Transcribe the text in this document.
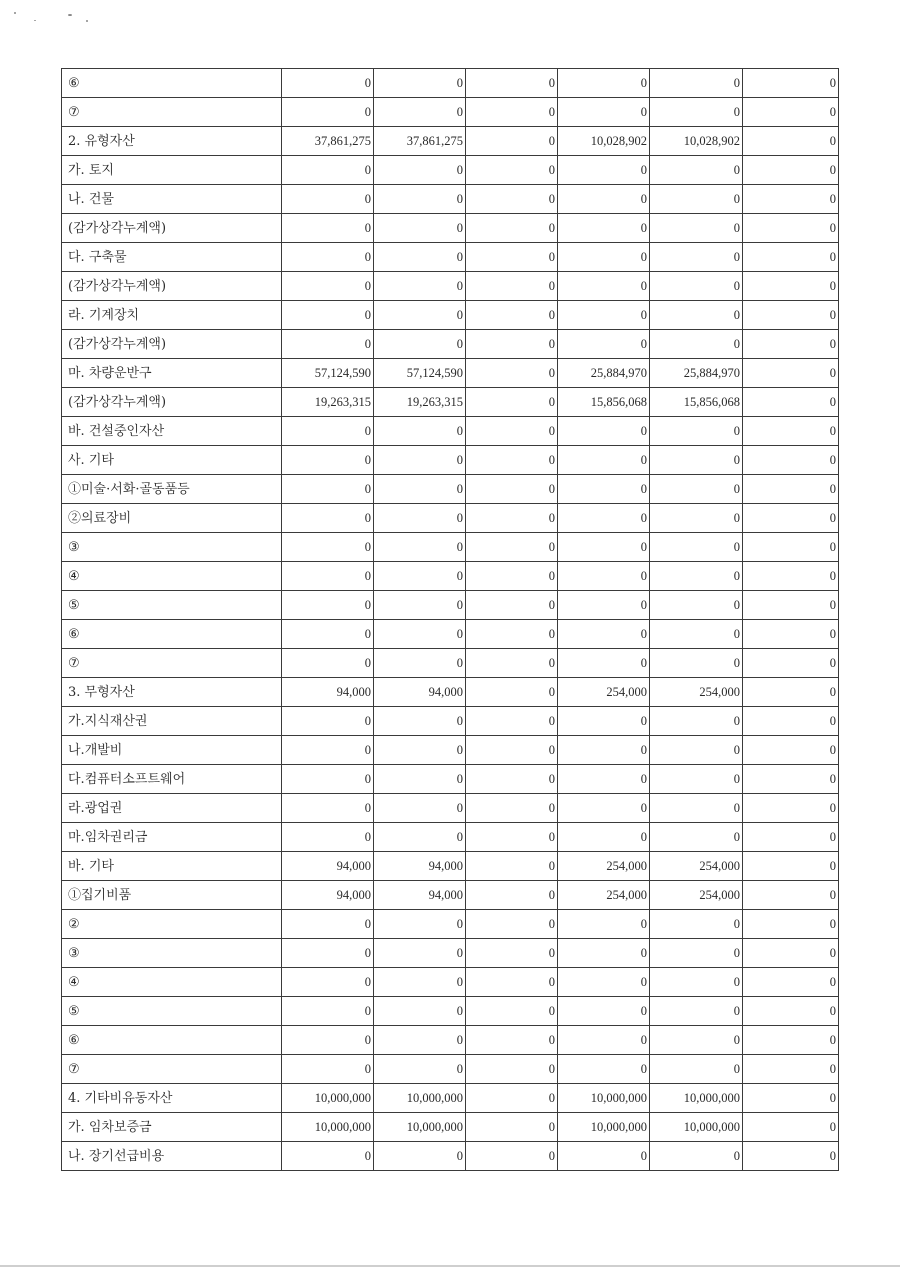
⑥	0	0	0	0	0	0
⑦	0	0	0	0	0	0
2. 유형자산	37,861,275	37,861,275	0	10,028,902	10,028,902	0
가. 토지	0	0	0	0	0	0
나. 건물	0	0	0	0	0	0
(감가상각누계액)	0	0	0	0	0	0
다. 구축물	0	0	0	0	0	0
(감가상각누계액)	0	0	0	0	0	0
라. 기계장치	0	0	0	0	0	0
(감가상각누계액)	0	0	0	0	0	0
마. 차량운반구	57,124,590	57,124,590	0	25,884,970	25,884,970	0
(감가상각누계액)	19,263,315	19,263,315	0	15,856,068	15,856,068	0
바. 건설중인자산	0	0	0	0	0	0
사. 기타	0	0	0	0	0	0
①미술·서화·골동품등	0	0	0	0	0	0
②의료장비	0	0	0	0	0	0
③	0	0	0	0	0	0
④	0	0	0	0	0	0
⑤	0	0	0	0	0	0
⑥	0	0	0	0	0	0
⑦	0	0	0	0	0	0
3. 무형자산	94,000	94,000	0	254,000	254,000	0
가.지식재산권	0	0	0	0	0	0
나.개발비	0	0	0	0	0	0
다.컴퓨터소프트웨어	0	0	0	0	0	0
라.광업권	0	0	0	0	0	0
마.임차권리금	0	0	0	0	0	0
바. 기타	94,000	94,000	0	254,000	254,000	0
①집기비품	94,000	94,000	0	254,000	254,000	0
②	0	0	0	0	0	0
③	0	0	0	0	0	0
④	0	0	0	0	0	0
⑤	0	0	0	0	0	0
⑥	0	0	0	0	0	0
⑦	0	0	0	0	0	0
4. 기타비유동자산	10,000,000	10,000,000	0	10,000,000	10,000,000	0
가. 임차보증금	10,000,000	10,000,000	0	10,000,000	10,000,000	0
나. 장기선급비용	0	0	0	0	0	0
